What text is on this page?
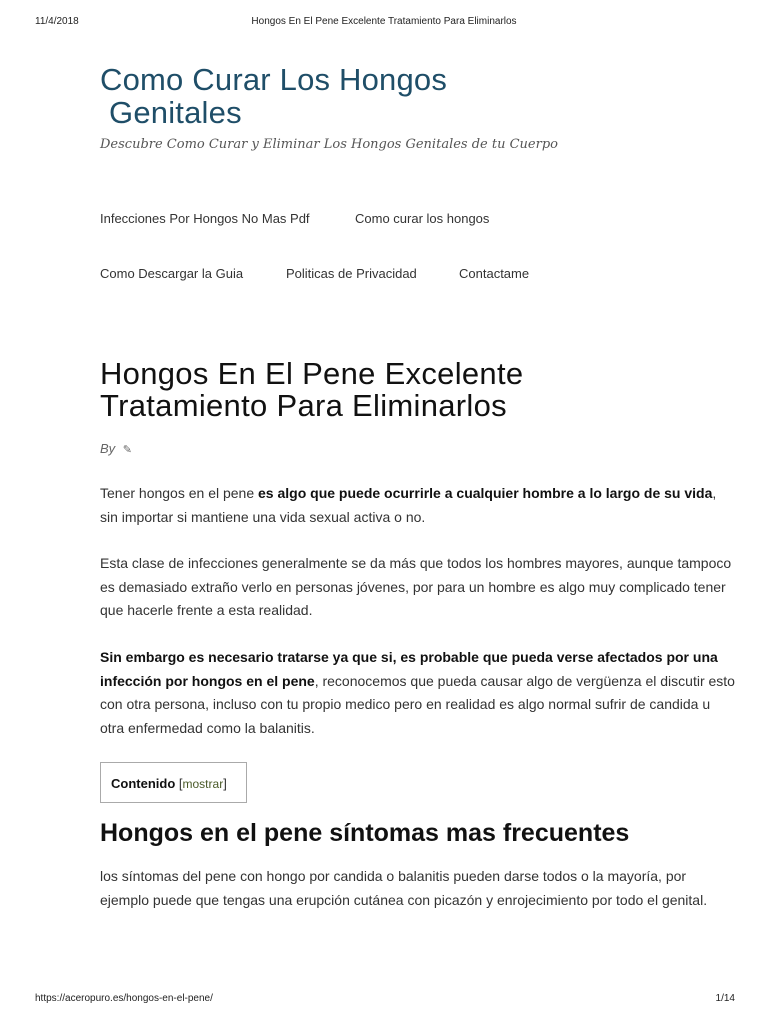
11/4/2018	Hongos En El Pene Excelente Tratamiento Para Eliminarlos
Como Curar Los Hongos
Genitales
Descubre Como Curar y Eliminar Los Hongos Genitales de tu Cuerpo
Infecciones Por Hongos No Mas Pdf	Como curar los hongos
Como Descargar la Guia	Politicas de Privacidad	Contactame
Hongos En El Pene Excelente
Tratamiento Para Eliminarlos
By ✎

Tener hongos en el pene es algo que puede ocurrirle a cualquier hombre a lo largo de su vida, sin importar si mantiene una vida sexual activa o no.

Esta clase de infecciones generalmente se da más que todos los hombres mayores, aunque tampoco es demasiado extraño verlo en personas jóvenes, por para un hombre es algo muy complicado tener que hacerle frente a esta realidad.

Sin embargo es necesario tratarse ya que si, es probable que pueda verse afectados por una infección por hongos en el pene, reconocemos que pueda causar algo de vergüenza el discutir esto con otra persona, incluso con tu propio medico pero en realidad es algo normal sufrir de candida u otra enfermedad como la balanitis.

Contenido [mostrar]
Hongos en el pene síntomas mas frecuentes

los síntomas del pene con hongo por candida o balanitis pueden darse todos o la mayoría, por ejemplo puede que tengas una erupción cutánea con picazón y enrojecimiento por todo el genital.

https://aceropuro.es/hongos-en-el-pene/	1/14
